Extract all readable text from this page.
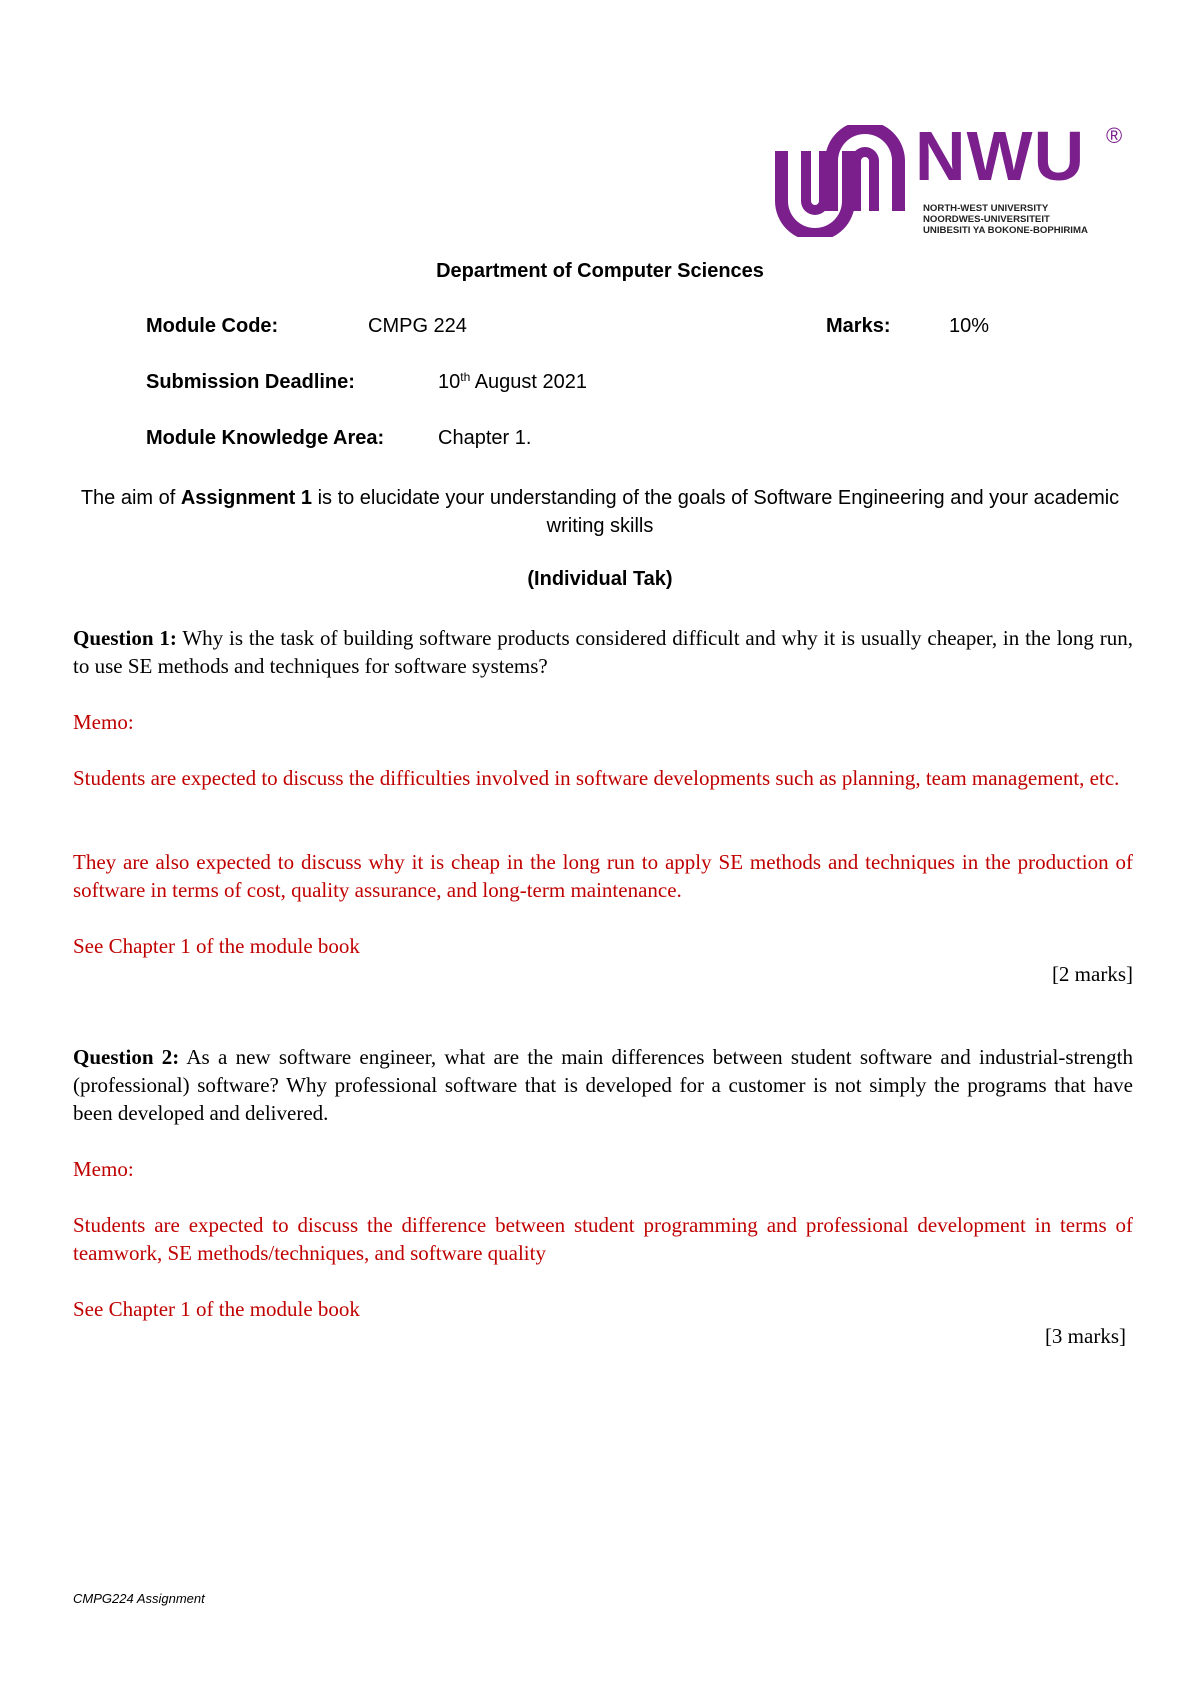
NWU ®
NORTH-WEST UNIVERSITY
NOORDWES-UNIVERSITEIT
UNIBESITI YA BOKONE-BOPHIRIMA
Department of Computer Sciences
Module Code:	CMPG 224	Marks:	10%
Submission Deadline:	10th August 2021
Module Knowledge Area:	Chapter 1.
The aim of Assignment 1 is to elucidate your understanding of the goals of Software Engineering and your academic writing skills
(Individual Tak)
Question 1: Why is the task of building software products considered difficult and why it is usually cheaper, in the long run, to use SE methods and techniques for software systems?
Memo:
Students are expected to discuss the difficulties involved in software developments such as planning, team management, etc.
They are also expected to discuss why it is cheap in the long run to apply SE methods and techniques in the production of software in terms of cost, quality assurance, and long-term maintenance.
See Chapter 1 of the module book
[2 marks]
Question 2: As a new software engineer, what are the main differences between student software and industrial-strength (professional) software? Why professional software that is developed for a customer is not simply the programs that have been developed and delivered.
Memo:
Students are expected to discuss the difference between student programming and professional development in terms of teamwork, SE methods/techniques, and software quality
See Chapter 1 of the module book
[3 marks]
CMPG224 Assignment
